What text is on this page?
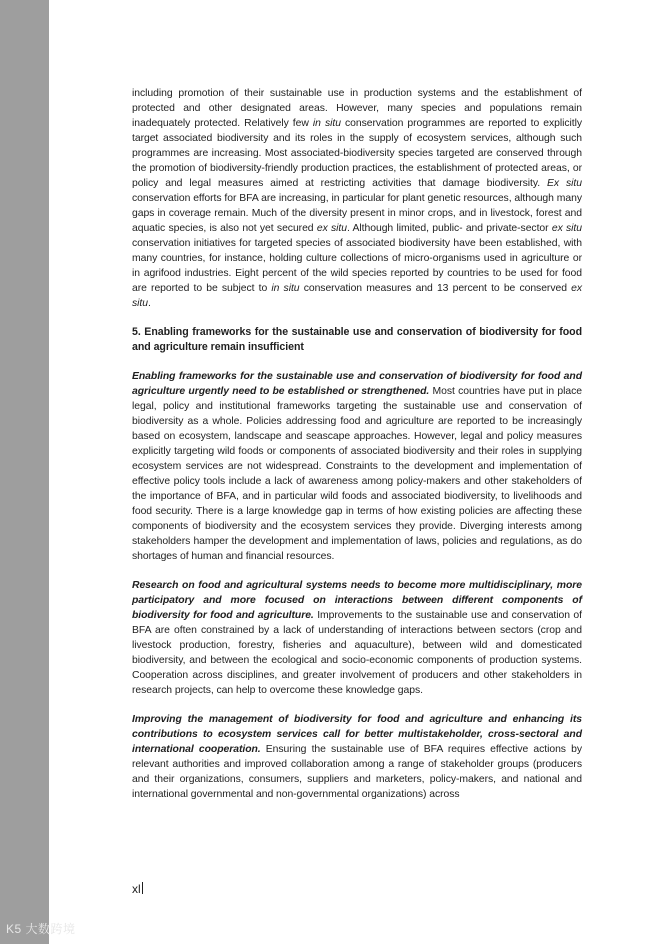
including promotion of their sustainable use in production systems and the establishment of protected and other designated areas. However, many species and populations remain inadequately protected. Relatively few in situ conservation programmes are reported to explicitly target associated biodiversity and its roles in the supply of ecosystem services, although such programmes are increasing. Most associated-biodiversity species targeted are conserved through the promotion of biodiversity-friendly production practices, the establishment of protected areas, or policy and legal measures aimed at restricting activities that damage biodiversity. Ex situ conservation efforts for BFA are increasing, in particular for plant genetic resources, although many gaps in coverage remain. Much of the diversity present in minor crops, and in livestock, forest and aquatic species, is also not yet secured ex situ. Although limited, public- and private-sector ex situ conservation initiatives for targeted species of associated biodiversity have been established, with many countries, for instance, holding culture collections of micro-organisms used in agriculture or in agrifood industries. Eight percent of the wild species reported by countries to be used for food are reported to be subject to in situ conservation measures and 13 percent to be conserved ex situ.

5. Enabling frameworks for the sustainable use and conservation of biodiversity for food and agriculture remain insufficient

Enabling frameworks for the sustainable use and conservation of biodiversity for food and agriculture urgently need to be established or strengthened. Most countries have put in place legal, policy and institutional frameworks targeting the sustainable use and conservation of biodiversity as a whole. Policies addressing food and agriculture are reported to be increasingly based on ecosystem, landscape and seascape approaches. However, legal and policy measures explicitly targeting wild foods or components of associated biodiversity and their roles in supplying ecosystem services are not widespread. Constraints to the development and implementation of effective policy tools include a lack of awareness among policy-makers and other stakeholders of the importance of BFA, and in particular wild foods and associated biodiversity, to livelihoods and food security. There is a large knowledge gap in terms of how existing policies are affecting these components of biodiversity and the ecosystem services they provide. Diverging interests among stakeholders hamper the development and implementation of laws, policies and regulations, as do shortages of human and financial resources.

Research on food and agricultural systems needs to become more multidisciplinary, more participatory and more focused on interactions between different components of biodiversity for food and agriculture. Improvements to the sustainable use and conservation of BFA are often constrained by a lack of understanding of interactions between sectors (crop and livestock production, forestry, fisheries and aquaculture), between wild and domesticated biodiversity, and between the ecological and socio-economic components of production systems. Cooperation across disciplines, and greater involvement of producers and other stakeholders in research projects, can help to overcome these knowledge gaps.

Improving the management of biodiversity for food and agriculture and enhancing its contributions to ecosystem services call for better multistakeholder, cross-sectoral and international cooperation. Ensuring the sustainable use of BFA requires effective actions by relevant authorities and improved collaboration among a range of stakeholder groups (producers and their organizations, consumers, suppliers and marketers, policy-makers, and national and international governmental and non-governmental organizations) across

xl
K5 大数跨境
